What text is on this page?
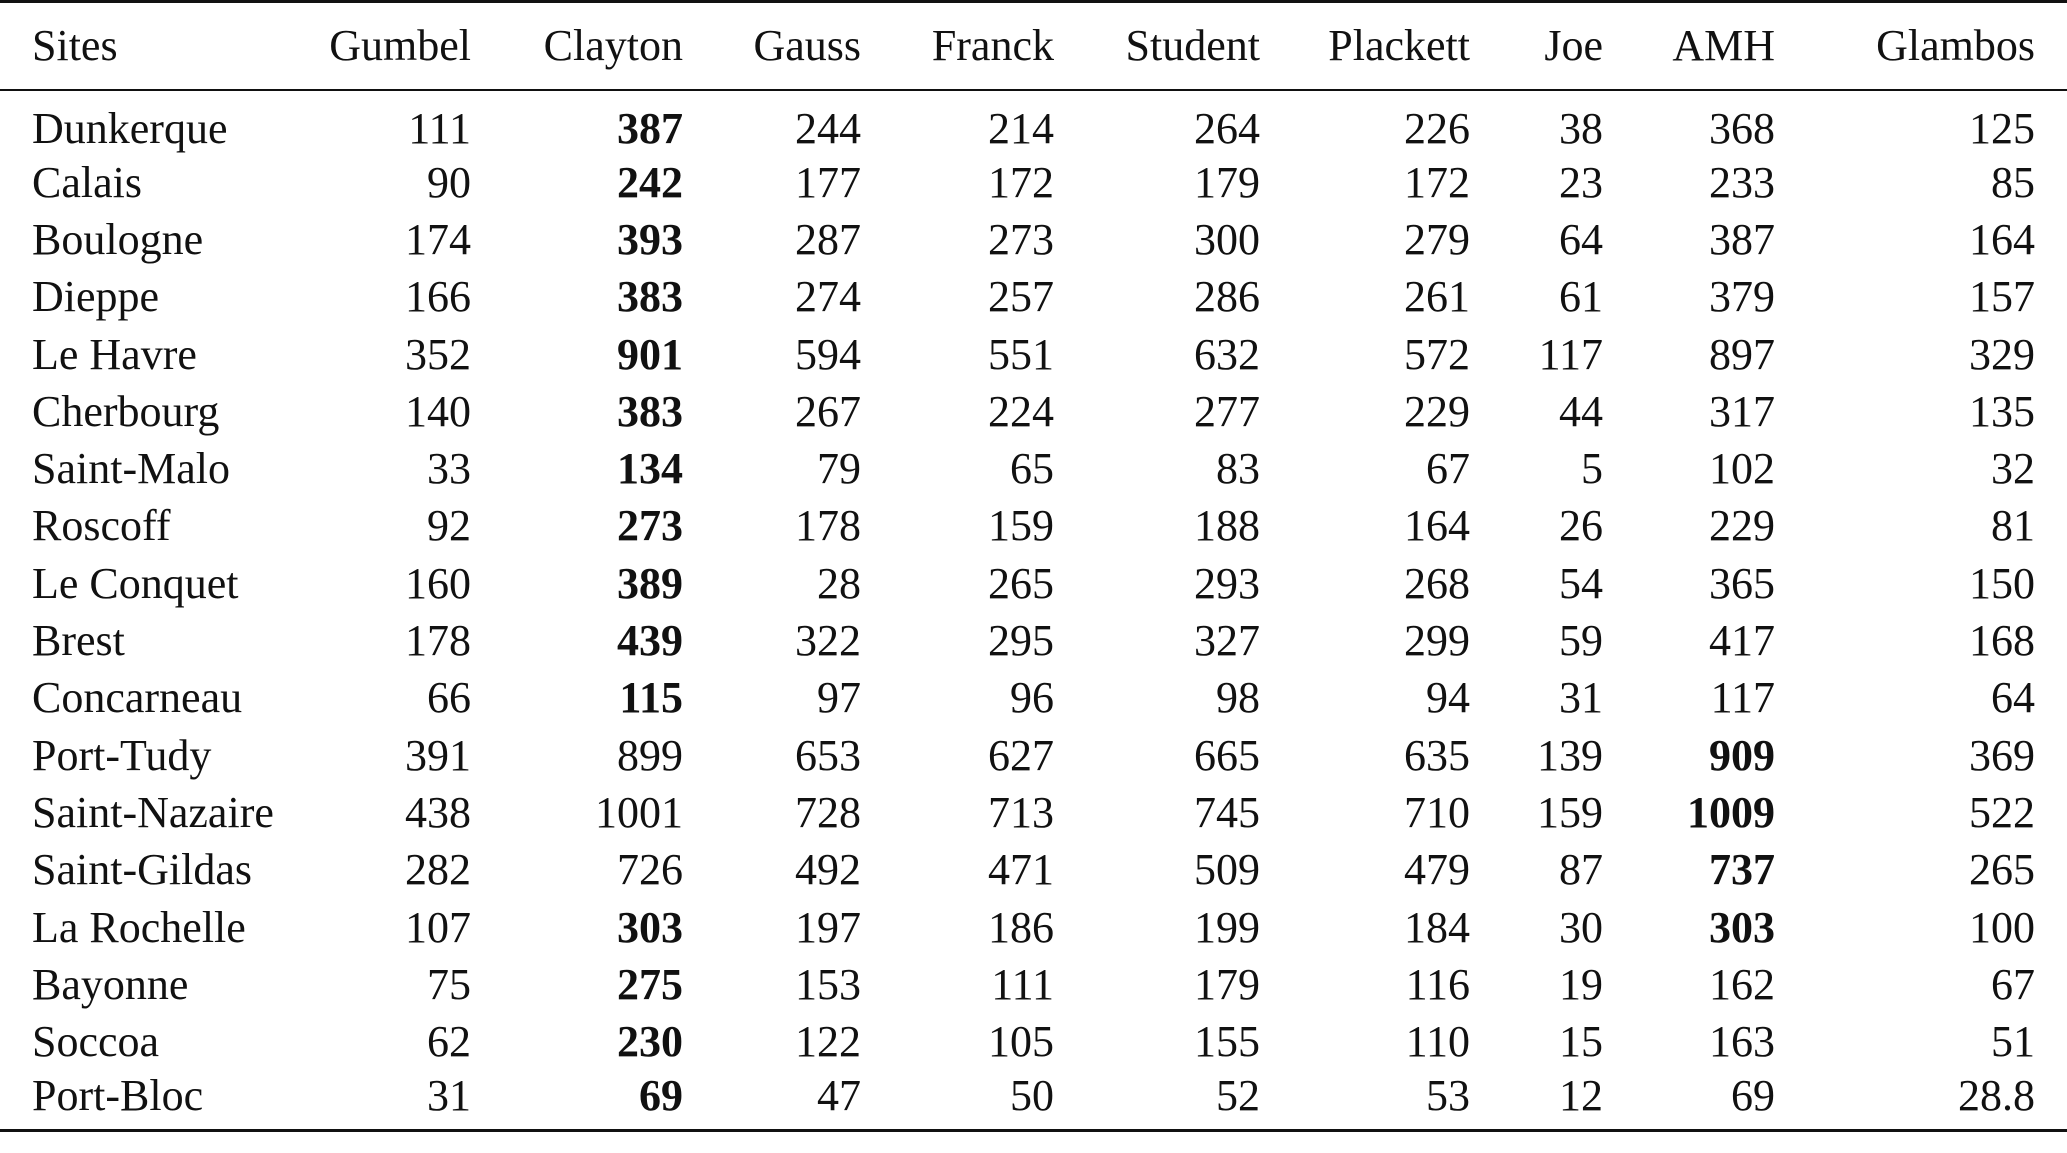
Sites	Gumbel	Clayton	Gauss	Franck	Student	Plackett	Joe	AMH	Glambos
Dunkerque	111	387	244	214	264	226	38	368	125
Calais	90	242	177	172	179	172	23	233	85
Boulogne	174	393	287	273	300	279	64	387	164
Dieppe	166	383	274	257	286	261	61	379	157
Le Havre	352	901	594	551	632	572	117	897	329
Cherbourg	140	383	267	224	277	229	44	317	135
Saint-Malo	33	134	79	65	83	67	5	102	32
Roscoff	92	273	178	159	188	164	26	229	81
Le Conquet	160	389	28	265	293	268	54	365	150
Brest	178	439	322	295	327	299	59	417	168
Concarneau	66	115	97	96	98	94	31	117	64
Port-Tudy	391	899	653	627	665	635	139	909	369
Saint-Nazaire	438	1001	728	713	745	710	159	1009	522
Saint-Gildas	282	726	492	471	509	479	87	737	265
La Rochelle	107	303	197	186	199	184	30	303	100
Bayonne	75	275	153	111	179	116	19	162	67
Soccoa	62	230	122	105	155	110	15	163	51
Port-Bloc	31	69	47	50	52	53	12	69	28.8
